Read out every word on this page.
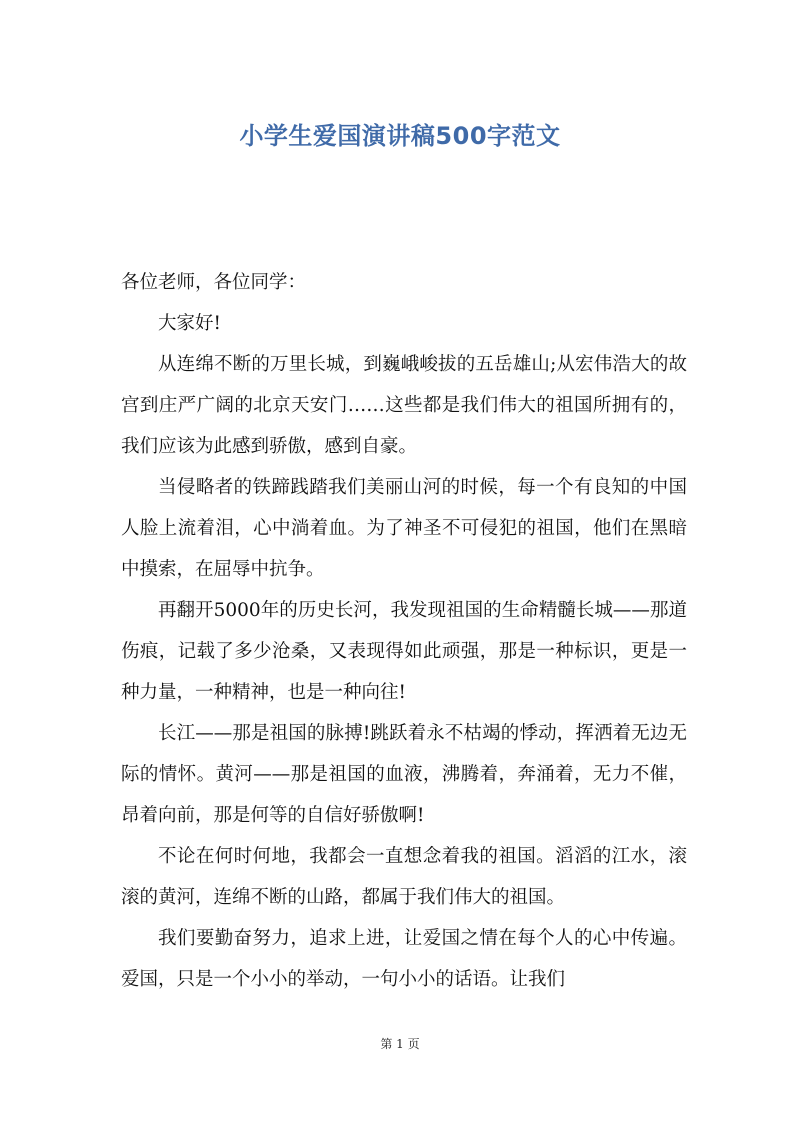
小学生爱国演讲稿500字范文

各位老师，各位同学：

大家好!

从连绵不断的万里长城，到巍峨峻拔的五岳雄山;从宏伟浩大的故宫到庄严广阔的北京天安门……这些都是我们伟大的祖国所拥有的，我们应该为此感到骄傲，感到自豪。

当侵略者的铁蹄践踏我们美丽山河的时候，每一个有良知的中国人脸上流着泪，心中淌着血。为了神圣不可侵犯的祖国，他们在黑暗中摸索，在屈辱中抗争。

再翻开5000年的历史长河，我发现祖国的生命精髓长城——那道伤痕，记载了多少沧桑，又表现得如此顽强，那是一种标识，更是一种力量，一种精神，也是一种向往!

长江——那是祖国的脉搏!跳跃着永不枯竭的悸动，挥洒着无边无际的情怀。黄河——那是祖国的血液，沸腾着，奔涌着，无力不催，昂着向前，那是何等的自信好骄傲啊!

不论在何时何地，我都会一直想念着我的祖国。滔滔的江水，滚滚的黄河，连绵不断的山路，都属于我们伟大的祖国。

我们要勤奋努力，追求上进，让爱国之情在每个人的心中传遍。爱国，只是一个小小的举动，一句小小的话语。让我们

第 1 页
